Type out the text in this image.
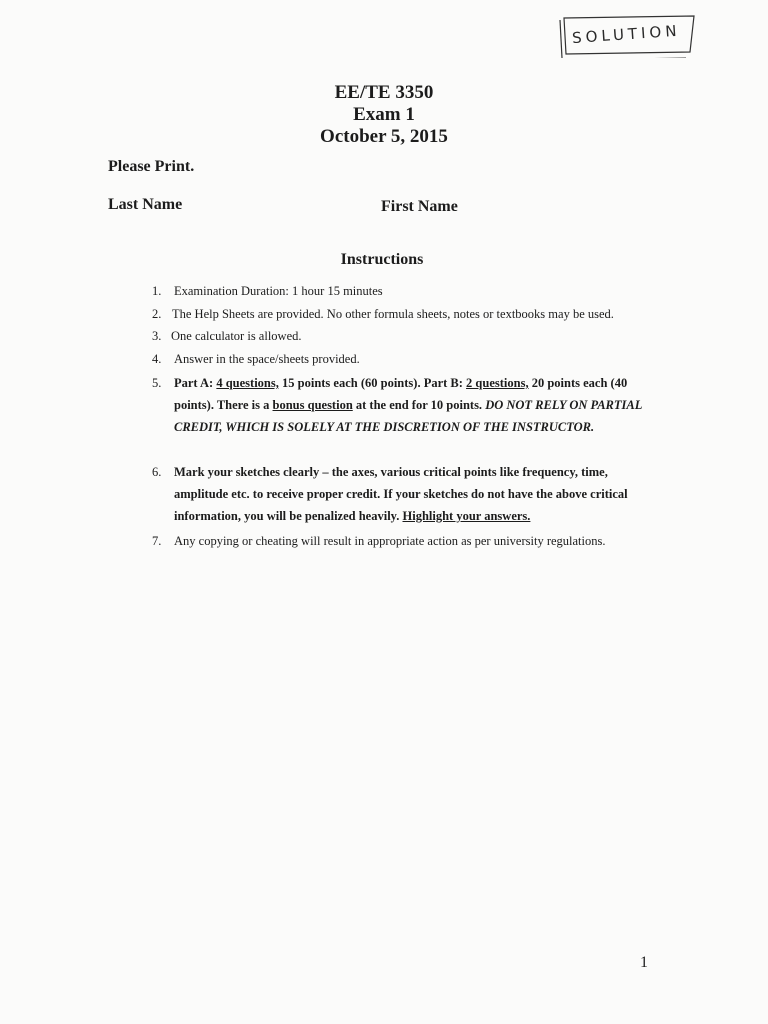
SOLUTION
EE/TE 3350
Exam 1
October 5, 2015
Please Print.
Last Name	First Name
Instructions
1. Examination Duration: 1 hour 15 minutes
2. The Help Sheets are provided. No other formula sheets, notes or textbooks may be used.
3. One calculator is allowed.
4. Answer in the space/sheets provided.
5. Part A: 4 questions, 15 points each (60 points). Part B: 2 questions, 20 points each (40 points). There is a bonus question at the end for 10 points. DO NOT RELY ON PARTIAL CREDIT, WHICH IS SOLELY AT THE DISCRETION OF THE INSTRUCTOR.
6. Mark your sketches clearly – the axes, various critical points like frequency, time, amplitude etc. to receive proper credit. If your sketches do not have the above critical information, you will be penalized heavily. Highlight your answers.
7. Any copying or cheating will result in appropriate action as per university regulations.
1
